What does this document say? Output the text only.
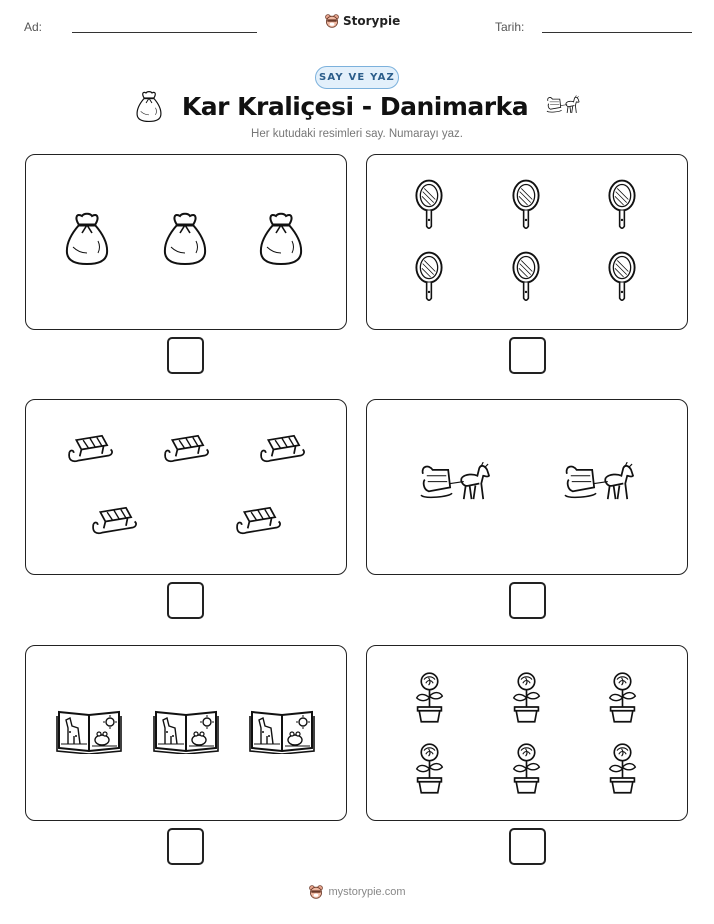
Ad:	Storypie	Tarih:
SAY VE YAZ
Kar Kraliçesi - Danimarka
Her kutudaki resimleri say. Numarayı yaz.
mystorypie.com
